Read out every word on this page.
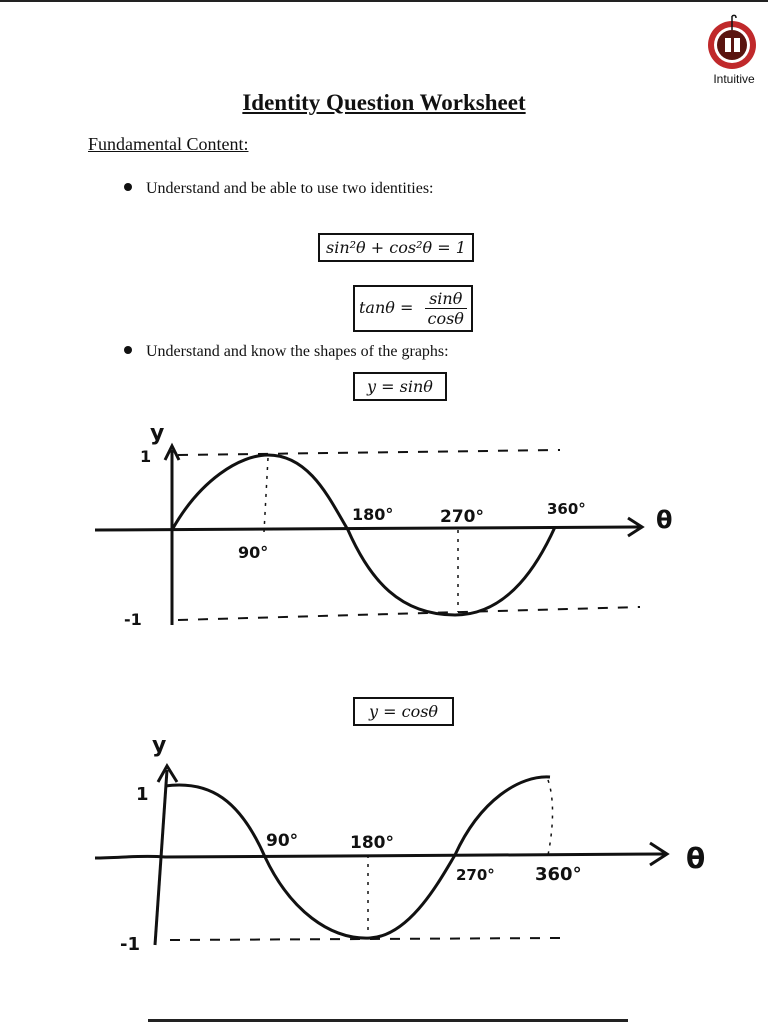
Intuitive
Identity Question Worksheet
Fundamental Content:
Understand and be able to use two identities:
sin²θ + cos²θ = 1
$\tan\theta = \frac{\sin\theta}{\cos\theta}$
Understand and know the shapes of the graphs:
y = sinθ
y
1
-1
90°
180°	270°	360°	θ
y = cosθ
y
1
-1
90°	180°
270° 360°	θ
